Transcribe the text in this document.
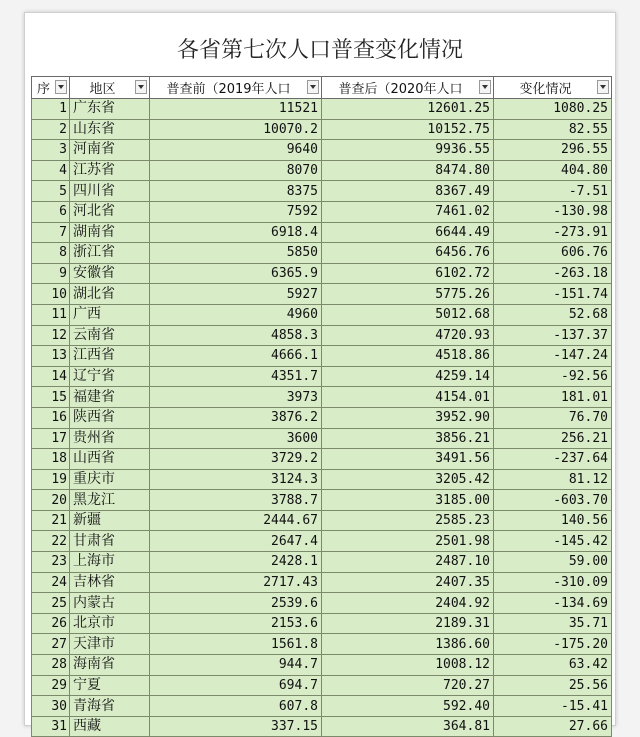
各省第七次人口普查变化情况
序	地区	普查前（2019年人口	普查后（2020年人口	变化情况

1	广东省	11521	12601.25	1080.25
2	山东省	10070.2	10152.75	82.55
3	河南省	9640	9936.55	296.55
4	江苏省	8070	8474.80	404.80
5	四川省	8375	8367.49	-7.51
6	河北省	7592	7461.02	-130.98
7	湖南省	6918.4	6644.49	-273.91
8	浙江省	5850	6456.76	606.76
9	安徽省	6365.9	6102.72	-263.18
10	湖北省	5927	5775.26	-151.74
11	广西	4960	5012.68	52.68
12	云南省	4858.3	4720.93	-137.37
13	江西省	4666.1	4518.86	-147.24
14	辽宁省	4351.7	4259.14	-92.56
15	福建省	3973	4154.01	181.01
16	陕西省	3876.2	3952.90	76.70
17	贵州省	3600	3856.21	256.21
18	山西省	3729.2	3491.56	-237.64
19	重庆市	3124.3	3205.42	81.12
20	黑龙江	3788.7	3185.00	-603.70
21	新疆	2444.67	2585.23	140.56
22	甘肃省	2647.4	2501.98	-145.42
23	上海市	2428.1	2487.10	59.00
24	吉林省	2717.43	2407.35	-310.09
25	内蒙古	2539.6	2404.92	-134.69
26	北京市	2153.6	2189.31	35.71
27	天津市	1561.8	1386.60	-175.20
28	海南省	944.7	1008.12	63.42
29	宁夏	694.7	720.27	25.56
30	青海省	607.8	592.40	-15.41
31	西藏	337.15	364.81	27.66
